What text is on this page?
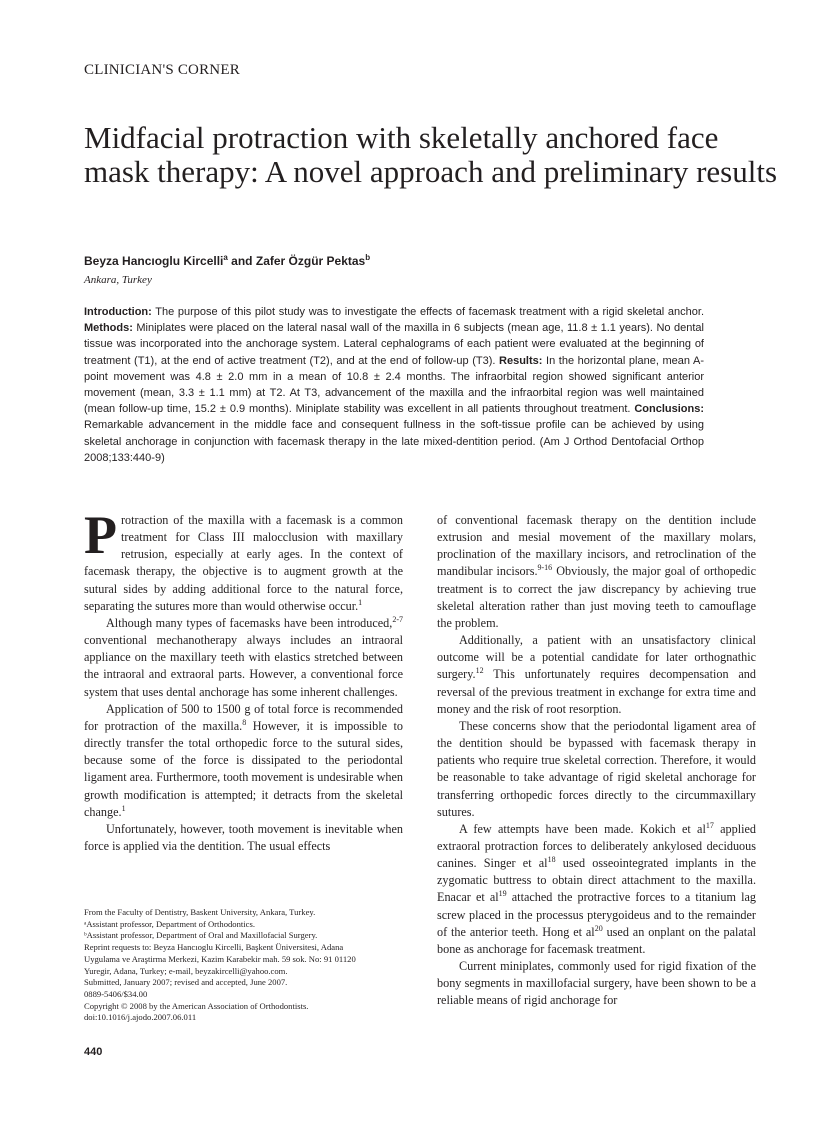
CLINICIAN'S CORNER
Midfacial protraction with skeletally anchored face mask therapy: A novel approach and preliminary results
Beyza Hancıoglu Kircelli$^a$ and Zafer Özgür Pektas$^b$
Ankara, Turkey
Introduction: The purpose of this pilot study was to investigate the effects of facemask treatment with a rigid skeletal anchor. Methods: Miniplates were placed on the lateral nasal wall of the maxilla in 6 subjects (mean age, 11.8 ± 1.1 years). No dental tissue was incorporated into the anchorage system. Lateral cephalograms of each patient were evaluated at the beginning of treatment (T1), at the end of active treatment (T2), and at the end of follow-up (T3). Results: In the horizontal plane, mean A-point movement was 4.8 ± 2.0 mm in a mean of 10.8 ± 2.4 months. The infraorbital region showed significant anterior movement (mean, 3.3 ± 1.1 mm) at T2. At T3, advancement of the maxilla and the infraorbital region was well maintained (mean follow-up time, 15.2 ± 0.9 months). Miniplate stability was excellent in all patients throughout treatment. Conclusions: Remarkable advancement in the middle face and consequent fullness in the soft-tissue profile can be achieved by using skeletal anchorage in conjunction with facemask therapy in the late mixed-dentition period. (Am J Orthod Dentofacial Orthop 2008;133:440-9)

Protraction of the maxilla with a facemask is a common treatment for Class III malocclusion with maxillary retrusion, especially at early ages. In the context of facemask therapy, the objective is to augment growth at the sutural sides by adding additional force to the natural force, separating the sutures more than would otherwise occur.$^1$

Although many types of facemasks have been introduced,$^{2-7}$ conventional mechanotherapy always includes an intraoral appliance on the maxillary teeth with elastics stretched between the intraoral and extraoral parts. However, a conventional force system that uses dental anchorage has some inherent challenges.

Application of 500 to 1500 g of total force is recommended for protraction of the maxilla.$^8$ However, it is impossible to directly transfer the total orthopedic force to the sutural sides, because some of the force is dissipated to the periodontal ligament area. Furthermore, tooth movement is undesirable when growth modification is attempted; it detracts from the skeletal change.$^1$

Unfortunately, however, tooth movement is inevitable when force is applied via the dentition. The usual effects

of conventional facemask therapy on the dentition include extrusion and mesial movement of the maxillary molars, proclination of the maxillary incisors, and retroclination of the mandibular incisors.$^{9-16}$ Obviously, the major goal of orthopedic treatment is to correct the jaw discrepancy by achieving true skeletal alteration rather than just moving teeth to camouflage the problem.

Additionally, a patient with an unsatisfactory clinical outcome will be a potential candidate for later orthognathic surgery.$^{12}$ This unfortunately requires decompensation and reversal of the previous treatment in exchange for extra time and money and the risk of root resorption.

These concerns show that the periodontal ligament area of the dentition should be bypassed with facemask therapy in patients who require true skeletal correction. Therefore, it would be reasonable to take advantage of rigid skeletal anchorage for transferring orthopedic forces directly to the circummaxillary sutures.

A few attempts have been made. Kokich et $al^{17}$ applied extraoral protraction forces to deliberately ankylosed deciduous canines. Singer et $al^{18}$ used osseointegrated implants in the zygomatic buttress to obtain direct attachment to the maxilla. Enacar et $al^{19}$ attached the protractive forces to a titanium lag screw placed in the processus pterygoideus and to the remainder of the anterior teeth. Hong et $al^{20}$ used an onplant on the palatal bone as anchorage for facemask treatment.

Current miniplates, commonly used for rigid fixation of the bony segments in maxillofacial surgery, have been shown to be a reliable means of rigid anchorage for

From the Faculty of Dentistry, Baskent University, Ankara, Turkey.
ᵃAssistant professor, Department of Orthodontics.
ᵇAssistant professor, Department of Oral and Maxillofacial Surgery.
Reprint requests to: Beyza Hancıoglu Kircelli, Başkent Üniversitesi, Adana
Uygulama ve Araştirma Merkezi, Kazim Karabekir mah. 59 sok. No: 91 01120
Yuregir, Adana, Turkey; e-mail, beyzakircelli@yahoo.com.
Submitted, January 2007; revised and accepted, June 2007.
0889-5406/$34.00
Copyright © 2008 by the American Association of Orthodontists.
doi:10.1016/j.ajodo.2007.06.011
440
